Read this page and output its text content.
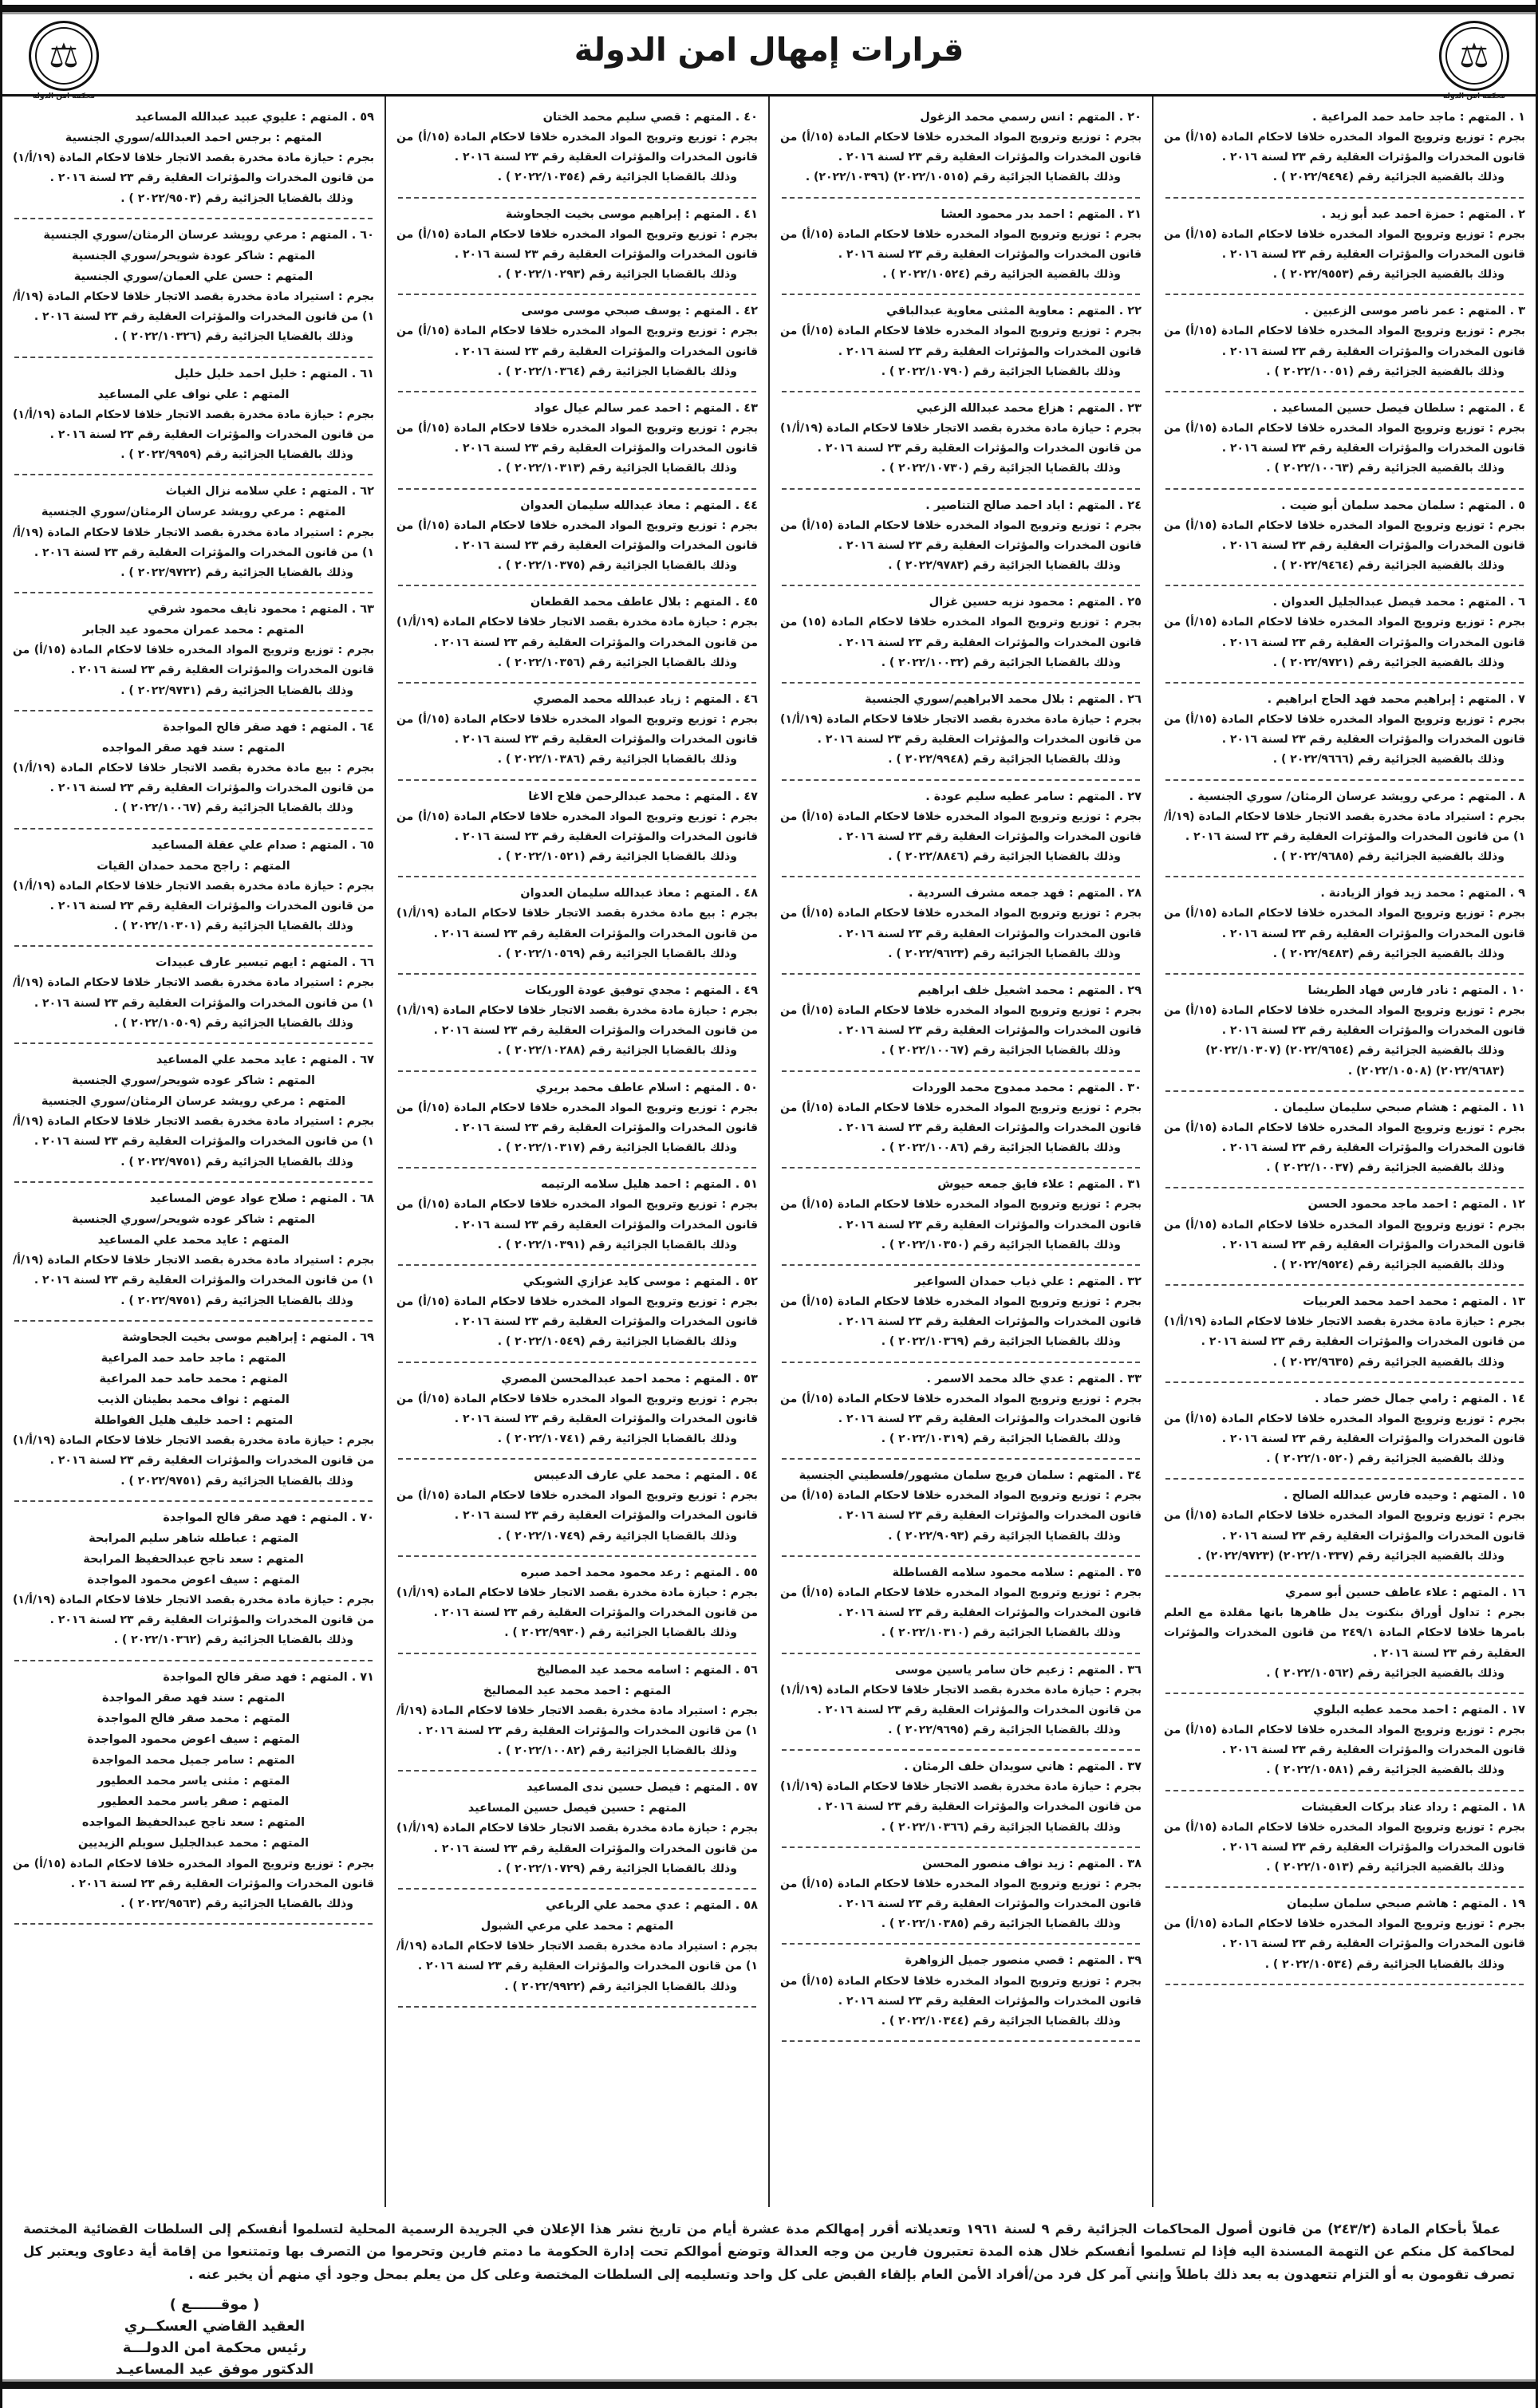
⚖
محكمة امن الدولة
قرارات إمهال امن الدولة
⚖
محكمة امن الدولة
١ . المتهم : ماجد حامد حمد المراعية .
بجرم : توزيع وترويج المواد المخدره خلافا لاحكام المادة (١٥/أ) من قانون المخدرات والمؤثرات العقلية رقم ٢٣ لسنة ٢٠١٦ .
وذلك بالقضية الجزائية رقم (٢٠٢٢/٩٤٩٤ ) .
٢ . المتهم : حمزة احمد عبد أبو زيد .
بجرم : توزيع وترويج المواد المخدره خلافا لاحكام المادة (١٥/أ) من قانون المخدرات والمؤثرات العقلية رقم ٢٣ لسنة ٢٠١٦ .
وذلك بالقضية الجزائية رقم (٢٠٢٢/٩٥٥٣ ) .
٣ . المتهم : عمر ناصر موسى الزعبين .
بجرم : توزيع وترويج المواد المخدره خلافا لاحكام المادة (١٥/أ) من قانون المخدرات والمؤثرات العقلية رقم ٢٣ لسنة ٢٠١٦ .
وذلك بالقضية الجزائية رقم (٢٠٢٢/١٠٠٥١ ) .
٤ . المتهم : سلطان فيصل حسين المساعيد .
بجرم : توزيع وترويج المواد المخدره خلافا لاحكام المادة (١٥/أ) من قانون المخدرات والمؤثرات العقلية رقم ٢٣ لسنة ٢٠١٦ .
وذلك بالقضية الجزائية رقم (٢٠٢٢/١٠٠٦٣ ) .
٥ . المتهم : سلمان محمد سلمان أبو ضيت .
بجرم : توزيع وترويج المواد المخدره خلافا لاحكام المادة (١٥/أ) من قانون المخدرات والمؤثرات العقلية رقم ٢٣ لسنة ٢٠١٦ .
وذلك بالقضية الجزائية رقم (٢٠٢٢/٩٤٦٤ ) .
٦ . المتهم : محمد فيصل عبدالجليل العدوان .
بجرم : توزيع وترويج المواد المخدره خلافا لاحكام المادة (١٥/أ) من قانون المخدرات والمؤثرات العقلية رقم ٢٣ لسنة ٢٠١٦ .
وذلك بالقضية الجزائية رقم (٢٠٢٢/٩٧٢١ ) .
٧ . المتهم : إبراهيم محمد فهد الحاج ابراهيم .
بجرم : توزيع وترويج المواد المخدره خلافا لاحكام المادة (١٥/أ) من قانون المخدرات والمؤثرات العقلية رقم ٢٣ لسنة ٢٠١٦ .
وذلك بالقضية الجزائية رقم (٢٠٢٢/٩٦٦٦ ) .
٨ . المتهم : مرعي رويشد عرسان الرمثان/ سوري الجنسية .
بجرم : استيراد مادة مخدرة بقصد الاتجار خلافا لاحكام المادة (١٩/أ/١) من قانون المخدرات والمؤثرات العقلية رقم ٢٣ لسنة ٢٠١٦ .
وذلك بالقضية الجزائية رقم (٢٠٢٢/٩٦٨٥ ) .
٩ . المتهم : محمد زيد فواز الزيادنة .
بجرم : توزيع وترويج المواد المخدره خلافا لاحكام المادة (١٥/أ) من قانون المخدرات والمؤثرات العقلية رقم ٢٣ لسنة ٢٠١٦ .
وذلك بالقضية الجزائية رقم (٢٠٢٢/٩٤٨٣ ) .
١٠ . المتهم : نادر فارس فهاد الطريشا
بجرم : توزيع وترويج المواد المخدره خلافا لاحكام المادة (١٥/أ) من قانون المخدرات والمؤثرات العقلية رقم ٢٣ لسنة ٢٠١٦ .
وذلك بالقضية الجزائية رقم (٢٠٢٢/٩٦٥٤) (٢٠٢٢/١٠٣٠٧) (٢٠٢٢/٩٦٨٣) (٢٠٢٢/١٠٥٠٨) .
١١ . المتهم : هشام صبحي سليمان سليمان .
بجرم : توزيع وترويج المواد المخدره خلافا لاحكام المادة (١٥/أ) من قانون المخدرات والمؤثرات العقلية رقم ٢٣ لسنة ٢٠١٦ .
وذلك بالقضية الجزائية رقم (٢٠٢٢/١٠٠٣٧ ) .
١٢ . المتهم : احمد ماجد محمود الحسن
بجرم : توزيع وترويج المواد المخدره خلافا لاحكام المادة (١٥/أ) من قانون المخدرات والمؤثرات العقلية رقم ٢٣ لسنة ٢٠١٦ .
وذلك بالقضية الجزائية رقم (٢٠٢٢/٩٥٢٤ ) .
١٣ . المتهم : محمد احمد محمد العربيات
بجرم : حيازة مادة مخدرة بقصد الاتجار خلافا لاحكام المادة (١٩/أ/١) من قانون المخدرات والمؤثرات العقلية رقم ٢٣ لسنة ٢٠١٦ .
وذلك بالقضية الجزائية رقم (٢٠٢٢/٩٦٣٥ ) .
١٤ . المتهم : رامي جمال خضر حماد .
بجرم : توزيع وترويج المواد المخدره خلافا لاحكام المادة (١٥/أ) من قانون المخدرات والمؤثرات العقلية رقم ٢٣ لسنة ٢٠١٦ .
وذلك بالقضية الجزائية رقم (٢٠٢٢/١٠٥٢٠ ) .
١٥ . المتهم : وحيده فارس عبدالله الصالح .
بجرم : توزيع وترويج المواد المخدره خلافا لاحكام المادة (١٥/أ) من قانون المخدرات والمؤثرات العقلية رقم ٢٣ لسنة ٢٠١٦ .
وذلك بالقضية الجزائية رقم (٢٠٢٢/١٠٣٣٧) (٢٠٢٢/٩٧٢٣) .
١٦ . المتهم : علاء عاطف حسين أبو سمري
بجرم : تداول أوراق بنكنوت يدل ظاهرها بانها مقلدة مع العلم بامرها خلافا لاحكام المادة ٢٤٩/١ من قانون المخدرات والمؤثرات العقلية رقم ٢٣ لسنة ٢٠١٦ .
وذلك بالقضية الجزائية رقم (٢٠٢٢/١٠٥٦٢ ) .
١٧ . المتهم : احمد محمد عطيه البلوي
بجرم : توزيع وترويج المواد المخدره خلافا لاحكام المادة (١٥/أ) من قانون المخدرات والمؤثرات العقلية رقم ٢٣ لسنة ٢٠١٦ .
وذلك بالقضية الجزائية رقم (٢٠٢٢/١٠٥٨١ ) .
١٨ . المتهم : رداد عناد بركات العقيشات
بجرم : توزيع وترويج المواد المخدره خلافا لاحكام المادة (١٥/أ) من قانون المخدرات والمؤثرات العقلية رقم ٢٣ لسنة ٢٠١٦ .
وذلك بالقضية الجزائية رقم (٢٠٢٢/١٠٥١٣ ) .
١٩ . المتهم : هاشم صبحي سلمان سليمان
بجرم : توزيع وترويج المواد المخدره خلافا لاحكام المادة (١٥/أ) من قانون المخدرات والمؤثرات العقلية رقم ٢٣ لسنة ٢٠١٦ .
وذلك بالقضايا الجزائية رقم (٢٠٢٢/١٠٥٣٤ ) .
٢٠ . المتهم : انس رسمي محمد الزغول
بجرم : توزيع وترويج المواد المخدره خلافا لاحكام المادة (١٥/أ) من قانون المخدرات والمؤثرات العقلية رقم ٢٣ لسنة ٢٠١٦ .
وذلك بالقضايا الجزائية رقم (٢٠٢٢/١٠٥١٥) (٢٠٢٢/١٠٣٩٦) .
٢١ . المتهم : احمد بدر محمود العشا
بجرم : توزيع وترويج المواد المخدره خلافا لاحكام المادة (١٥/أ) من قانون المخدرات والمؤثرات العقلية رقم ٢٣ لسنة ٢٠١٦ .
وذلك بالقضية الجزائية رقم (٢٠٢٢/١٠٥٢٤ ) .
٢٢ . المتهم : معاوية المثنى معاوية عبدالباقي
بجرم : توزيع وترويج المواد المخدره خلافا لاحكام المادة (١٥/أ) من قانون المخدرات والمؤثرات العقلية رقم ٢٣ لسنة ٢٠١٦ .
وذلك بالقضايا الجزائية رقم (٢٠٢٢/١٠٧٩٠ ) .
٢٣ . المتهم : هزاع محمد عبدالله الزعبي
بجرم : حيازة مادة مخدرة بقصد الاتجار خلافا لاحكام المادة (١٩/أ/١) من قانون المخدرات والمؤثرات العقلية رقم ٢٣ لسنة ٢٠١٦ .
وذلك بالقضايا الجزائية رقم (٢٠٢٢/١٠٧٣٠ ) .
٢٤ . المتهم : اياد احمد صالح التناصير .
بجرم : توزيع وترويج المواد المخدره خلافا لاحكام المادة (١٥/أ) من قانون المخدرات والمؤثرات العقلية رقم ٢٣ لسنة ٢٠١٦ .
وذلك بالقضايا الجزائية رقم (٢٠٢٢/٩٧٨٣ ) .
٢٥ . المتهم : محمود نزيه حسين غزال
بجرم : توزيع وترويج المواد المخدره خلافا لاحكام المادة (١٥) من قانون المخدرات والمؤثرات العقلية رقم ٢٣ لسنة ٢٠١٦ .
وذلك بالقضايا الجزائية رقم (٢٠٢٢/١٠٠٣٢ ) .
٢٦ . المتهم : بلال محمد الابراهيم/سوري الجنسية
بجرم : حيازة مادة مخدرة بقصد الاتجار خلافا لاحكام المادة (١٩/أ/١) من قانون المخدرات والمؤثرات العقلية رقم ٢٣ لسنة ٢٠١٦ .
وذلك بالقضايا الجزائية رقم (٢٠٢٢/٩٩٤٨ ) .
٢٧ . المتهم : سامر عطيه سليم عودة .
بجرم : توزيع وترويج المواد المخدره خلافا لاحكام المادة (١٥/أ) من قانون المخدرات والمؤثرات العقلية رقم ٢٣ لسنة ٢٠١٦ .
وذلك بالقضايا الجزائية رقم (٢٠٢٢/٨٨٤٦ ) .
٢٨ . المتهم : فهد جمعه مشرف السردية .
بجرم : توزيع وترويج المواد المخدره خلافا لاحكام المادة (١٥/أ) من قانون المخدرات والمؤثرات العقلية رقم ٢٣ لسنة ٢٠١٦ .
وذلك بالقضايا الجزائية رقم (٢٠٢٢/٩٦٢٣ ) .
٢٩ . المتهم : محمد اشعيل خلف ابراهيم
بجرم : توزيع وترويج المواد المخدره خلافا لاحكام المادة (١٥/أ) من قانون المخدرات والمؤثرات العقلية رقم ٢٣ لسنة ٢٠١٦ .
وذلك بالقضايا الجزائية رقم (٢٠٢٢/١٠٠٦٧ ) .
٣٠ . المتهم : محمد ممدوح محمد الوردات
بجرم : توزيع وترويج المواد المخدره خلافا لاحكام المادة (١٥/أ) من قانون المخدرات والمؤثرات العقلية رقم ٢٣ لسنة ٢٠١٦ .
وذلك بالقضايا الجزائية رقم (٢٠٢٢/١٠٠٨٦ ) .
٣١ . المتهم : علاء فايق جمعه حيوش
بجرم : توزيع وترويج المواد المخدره خلافا لاحكام المادة (١٥/أ) من قانون المخدرات والمؤثرات العقلية رقم ٢٣ لسنة ٢٠١٦ .
وذلك بالقضايا الجزائية رقم (٢٠٢٢/١٠٣٥٠ ) .
٣٢ . المتهم : علي ذياب حمدان السواعير
بجرم : توزيع وترويج المواد المخدره خلافا لاحكام المادة (١٥/أ) من قانون المخدرات والمؤثرات العقلية رقم ٢٣ لسنة ٢٠١٦ .
وذلك بالقضايا الجزائية رقم (٢٠٢٢/١٠٣٦٩ ) .
٣٣ . المتهم : عدي خالد محمد الاسمر .
بجرم : توزيع وترويج المواد المخدره خلافا لاحكام المادة (١٥/أ) من قانون المخدرات والمؤثرات العقلية رقم ٢٣ لسنة ٢٠١٦ .
وذلك بالقضايا الجزائية رقم (٢٠٢٢/١٠٣١٩ ) .
٣٤ . المتهم : سلمان فريج سلمان مشهور/فلسطيني الجنسية
بجرم : توزيع وترويج المواد المخدره خلافا لاحكام المادة (١٥/أ) من قانون المخدرات والمؤثرات العقلية رقم ٢٣ لسنة ٢٠١٦ .
وذلك بالقضايا الجزائية رقم (٢٠٢٢/٩٠٩٣ ) .
٣٥ . المتهم : سلامه محمود سلامه القساطلة
بجرم : توزيع وترويج المواد المخدره خلافا لاحكام المادة (١٥/أ) من قانون المخدرات والمؤثرات العقلية رقم ٢٣ لسنة ٢٠١٦ .
وذلك بالقضايا الجزائية رقم (٢٠٢٢/١٠٣١٠ ) .
٣٦ . المتهم : زعيم خان سامر ياسين موسى
بجرم : حيازة مادة مخدرة بقصد الاتجار خلافا لاحكام المادة (١٩/أ/١) من قانون المخدرات والمؤثرات العقلية رقم ٢٣ لسنة ٢٠١٦ .
وذلك بالقضايا الجزائية رقم (٢٠٢٢/٩٦٩٥ ) .
٣٧ . المتهم : هاني سويدان خلف الرمثان .
بجرم : حيازة مادة مخدرة بقصد الاتجار خلافا لاحكام المادة (١٩/أ/١) من قانون المخدرات والمؤثرات العقلية رقم ٢٣ لسنة ٢٠١٦ .
وذلك بالقضايا الجزائية رقم (٢٠٢٢/١٠٣٦٦ ) .
٣٨ . المتهم : زيد نواف منصور المحسن
بجرم : توزيع وترويج المواد المخدره خلافا لاحكام المادة (١٥/أ) من قانون المخدرات والمؤثرات العقلية رقم ٢٣ لسنة ٢٠١٦ .
وذلك بالقضايا الجزائية رقم (٢٠٢٢/١٠٣٨٥ ) .
٣٩ . المتهم : قصي منصور جميل الزواهرة
بجرم : توزيع وترويج المواد المخدره خلافا لاحكام المادة (١٥/أ) من قانون المخدرات والمؤثرات العقلية رقم ٢٣ لسنة ٢٠١٦ .
وذلك بالقضايا الجزائية رقم (٢٠٢٢/١٠٣٤٤ ) .
٤٠ . المتهم : قصي سليم محمد الختان
بجرم : توزيع وترويج المواد المخدره خلافا لاحكام المادة (١٥/أ) من قانون المخدرات والمؤثرات العقلية رقم ٢٣ لسنة ٢٠١٦ .
وذلك بالقضايا الجزائية رقم (٢٠٢٢/١٠٣٥٤ ) .
٤١ . المتهم : إبراهيم موسى بخيت الجحاوشة
بجرم : توزيع وترويج المواد المخدره خلافا لاحكام المادة (١٥/أ) من قانون المخدرات والمؤثرات العقلية رقم ٢٣ لسنة ٢٠١٦ .
وذلك بالقضايا الجزائية رقم (٢٠٢٢/١٠٢٩٣ ) .
٤٢ . المتهم : يوسف صبحي موسى موسى
بجرم : توزيع وترويج المواد المخدره خلافا لاحكام المادة (١٥/أ) من قانون المخدرات والمؤثرات العقلية رقم ٢٣ لسنة ٢٠١٦ .
وذلك بالقضايا الجزائية رقم (٢٠٢٢/١٠٣٦٤ ) .
٤٣ . المتهم : احمد عمر سالم عيال عواد
بجرم : توزيع وترويج المواد المخدره خلافا لاحكام المادة (١٥/أ) من قانون المخدرات والمؤثرات العقلية رقم ٢٣ لسنة ٢٠١٦ .
وذلك بالقضايا الجزائية رقم (٢٠٢٢/١٠٣١٣ ) .
٤٤ . المتهم : معاذ عبدالله سليمان العدوان
بجرم : توزيع وترويج المواد المخدره خلافا لاحكام المادة (١٥/أ) من قانون المخدرات والمؤثرات العقلية رقم ٢٣ لسنة ٢٠١٦ .
وذلك بالقضايا الجزائية رقم (٢٠٢٢/١٠٣٧٥ ) .
٤٥ . المتهم : بلال عاطف محمد القطعان
بجرم : حيازة مادة مخدرة بقصد الاتجار خلافا لاحكام المادة (١٩/أ/١) من قانون المخدرات والمؤثرات العقلية رقم ٢٣ لسنة ٢٠١٦ .
وذلك بالقضايا الجزائية رقم (٢٠٢٢/١٠٣٥٦ ) .
٤٦ . المتهم : زياد عبدالله محمد المصري
بجرم : توزيع وترويج المواد المخدره خلافا لاحكام المادة (١٥/أ) من قانون المخدرات والمؤثرات العقلية رقم ٢٣ لسنة ٢٠١٦ .
وذلك بالقضايا الجزائية رقم (٢٠٢٢/١٠٣٨٦ ) .
٤٧ . المتهم : محمد عبدالرحمن فلاح الاغا
بجرم : توزيع وترويج المواد المخدره خلافا لاحكام المادة (١٥/أ) من قانون المخدرات والمؤثرات العقلية رقم ٢٣ لسنة ٢٠١٦ .
وذلك بالقضايا الجزائية رقم (٢٠٢٢/١٠٥٢١ ) .
٤٨ . المتهم : معاذ عبدالله سليمان العدوان
بجرم : بيع مادة مخدرة بقصد الاتجار خلافا لاحكام المادة (١٩/أ/١) من قانون المخدرات والمؤثرات العقلية رقم ٢٣ لسنة ٢٠١٦ .
وذلك بالقضايا الجزائية رقم (٢٠٢٢/١٠٥٦٩ ) .
٤٩ . المتهم : مجدي توفيق عودة الوريكات
بجرم : حيازة مادة مخدرة بقصد الاتجار خلافا لاحكام المادة (١٩/أ/١) من قانون المخدرات والمؤثرات العقلية رقم ٢٣ لسنة ٢٠١٦ .
وذلك بالقضايا الجزائية رقم (٢٠٢٢/١٠٢٨٨ ) .
٥٠ . المتهم : اسلام عاطف محمد بريري
بجرم : توزيع وترويج المواد المخدره خلافا لاحكام المادة (١٥/أ) من قانون المخدرات والمؤثرات العقلية رقم ٢٣ لسنة ٢٠١٦ .
وذلك بالقضايا الجزائية رقم (٢٠٢٢/١٠٣١٧ ) .
٥١ . المتهم : احمد هليل سلامه الرتيمه
بجرم : توزيع وترويج المواد المخدره خلافا لاحكام المادة (١٥/أ) من قانون المخدرات والمؤثرات العقلية رقم ٢٣ لسنة ٢٠١٦ .
وذلك بالقضايا الجزائية رقم (٢٠٢٢/١٠٣٩١ ) .
٥٢ . المتهم : موسى كايد عزازي الشوبكي
بجرم : توزيع وترويج المواد المخدره خلافا لاحكام المادة (١٥/أ) من قانون المخدرات والمؤثرات العقلية رقم ٢٣ لسنة ٢٠١٦ .
وذلك بالقضايا الجزائية رقم (٢٠٢٢/١٠٥٤٩ ) .
٥٣ . المتهم : محمد احمد عبدالمحسن المصري
بجرم : توزيع وترويج المواد المخدره خلافا لاحكام المادة (١٥/أ) من قانون المخدرات والمؤثرات العقلية رقم ٢٣ لسنة ٢٠١٦ .
وذلك بالقضايا الجزائية رقم (٢٠٢٢/١٠٧٤١ ) .
٥٤ . المتهم : محمد علي عارف الدعيبس
بجرم : توزيع وترويج المواد المخدره خلافا لاحكام المادة (١٥/أ) من قانون المخدرات والمؤثرات العقلية رقم ٢٣ لسنة ٢٠١٦ .
وذلك بالقضايا الجزائية رقم (٢٠٢٢/١٠٧٤٩ ) .
٥٥ . المتهم : رعد محمود محمد احمد صبره
بجرم : حيازة مادة مخدرة بقصد الاتجار خلافا لاحكام المادة (١٩/أ/١) من قانون المخدرات والمؤثرات العقلية رقم ٢٣ لسنة ٢٠١٦ .
وذلك بالقضايا الجزائية رقم (٢٠٢٢/٩٩٣٠ ) .
٥٦ . المتهم : اسامه محمد عيد المصاليخ
المتهم : احمد محمد عيد المصاليخ
بجرم : استيراد مادة مخدرة بقصد الاتجار خلافا لاحكام المادة (١٩/أ/١) من قانون المخدرات والمؤثرات العقلية رقم ٢٣ لسنة ٢٠١٦ .
وذلك بالقضايا الجزائية رقم (٢٠٢٢/١٠٠٨٢ ) .
٥٧ . المتهم : فيصل حسين ندى المساعيد
المتهم : حسين فيصل حسين المساعيد
بجرم : حيازة مادة مخدرة بقصد الاتجار خلافا لاحكام المادة (١٩/أ/١) من قانون المخدرات والمؤثرات العقلية رقم ٢٣ لسنة ٢٠١٦ .
وذلك بالقضايا الجزائية رقم (٢٠٢٢/١٠٧٢٩ ) .
٥٨ . المتهم : عدي محمد علي الرباعي
المتهم : محمد علي مرعي الشبول
بجرم : استيراد مادة مخدرة بقصد الاتجار خلافا لاحكام المادة (١٩/أ/١) من قانون المخدرات والمؤثرات العقلية رقم ٢٣ لسنة ٢٠١٦ .
وذلك بالقضايا الجزائية رقم (٢٠٢٢/٩٩٢٢ ) .
٥٩ . المتهم : عليوي عبيد عبدالله المساعيد
المتهم : برجس احمد العبدالله/سوري الجنسية
بجرم : حيازة مادة مخدرة بقصد الاتجار خلافا لاحكام المادة (١٩/أ/١) من قانون المخدرات والمؤثرات العقلية رقم ٢٣ لسنة ٢٠١٦ .
وذلك بالقضايا الجزائية رقم (٢٠٢٢/٩٥٠٣ ) .
٦٠ . المتهم : مرعي رويشد عرسان الرمثان/سوري الجنسية
المتهم : شاكر عودة شويحر/سوري الجنسية
المتهم : حسن علي العمان/سوري الجنسية
بجرم : استيراد مادة مخدرة بقصد الاتجار خلافا لاحكام المادة (١٩/أ/١) من قانون المخدرات والمؤثرات العقلية رقم ٢٣ لسنة ٢٠١٦ .
وذلك بالقضايا الجزائية رقم (٢٠٢٢/١٠٣٢٦ ) .
٦١ . المتهم : خليل احمد خليل خليل
المتهم : علي نواف علي المساعيد
بجرم : حيازة مادة مخدرة بقصد الاتجار خلافا لاحكام المادة (١٩/أ/١) من قانون المخدرات والمؤثرات العقلية رقم ٢٣ لسنة ٢٠١٦ .
وذلك بالقضايا الجزائية رقم (٢٠٢٢/٩٩٥٩ ) .
٦٢ . المتهم : علي سلامه نزال الغياث
المتهم : مرعي رويشد عرسان الرمثان/سوري الجنسية
بجرم : استيراد مادة مخدرة بقصد الاتجار خلافا لاحكام المادة (١٩/أ/١) من قانون المخدرات والمؤثرات العقلية رقم ٢٣ لسنة ٢٠١٦ .
وذلك بالقضايا الجزائية رقم (٢٠٢٢/٩٧٢٢ ) .
٦٣ . المتهم : محمود نايف محمود شرقي
المتهم : محمد عمران محمود عيد الجابر
بجرم : توزيع وترويج المواد المخدره خلافا لاحكام المادة (١٥/أ) من قانون المخدرات والمؤثرات العقلية رقم ٢٣ لسنة ٢٠١٦ .
وذلك بالقضايا الجزائية رقم (٢٠٢٢/٩٧٣١ ) .
٦٤ . المتهم : فهد صقر فالح المواجدة
المتهم : سند فهد صقر المواجده
بجرم : بيع مادة مخدرة بقصد الاتجار خلافا لاحكام المادة (١٩/أ/١) من قانون المخدرات والمؤثرات العقلية رقم ٢٣ لسنة ٢٠١٦ .
وذلك بالقضايا الجزائية رقم (٢٠٢٢/١٠٠٦٧ ) .
٦٥ . المتهم : صدام علي عقلة المساعيد
المتهم : راجح محمد حمدان القيات
بجرم : حيازة مادة مخدرة بقصد الاتجار خلافا لاحكام المادة (١٩/أ/١) من قانون المخدرات والمؤثرات العقلية رقم ٢٣ لسنة ٢٠١٦ .
وذلك بالقضايا الجزائية رقم (٢٠٢٢/١٠٣٠١ ) .
٦٦ . المتهم : ايهم تيسير عارف عبيدات
بجرم : استيراد مادة مخدرة بقصد الاتجار خلافا لاحكام المادة (١٩/أ/١) من قانون المخدرات والمؤثرات العقلية رقم ٢٣ لسنة ٢٠١٦ .
وذلك بالقضايا الجزائية رقم (٢٠٢٢/١٠٥٠٩ ) .
٦٧ . المتهم : عايد محمد علي المساعيد
المتهم : شاكر عوده شويحر/سوري الجنسية
المتهم : مرعي رويشد عرسان الرمثان/سوري الجنسية
بجرم : استيراد مادة مخدرة بقصد الاتجار خلافا لاحكام المادة (١٩/أ/١) من قانون المخدرات والمؤثرات العقلية رقم ٢٣ لسنة ٢٠١٦ .
وذلك بالقضايا الجزائية رقم (٢٠٢٢/٩٧٥١ ) .
٦٨ . المتهم : صلاح عواد عوض المساعيد
المتهم : شاكر عوده شويحر/سوري الجنسية
المتهم : عايد محمد علي المساعيد
بجرم : استيراد مادة مخدرة بقصد الاتجار خلافا لاحكام المادة (١٩/أ/١) من قانون المخدرات والمؤثرات العقلية رقم ٢٣ لسنة ٢٠١٦ .
وذلك بالقضايا الجزائية رقم (٢٠٢٢/٩٧٥١ ) .
٦٩ . المتهم : إبراهيم موسى بخيت الجحاوشة
المتهم : ماجد حامد حمد المراعية
المتهم : محمد حامد حمد المراعية
المتهم : نواف محمد بطينان الذيب
المتهم : احمد خليف هليل الفواطلة
بجرم : حيازة مادة مخدرة بقصد الاتجار خلافا لاحكام المادة (١٩/أ/١) من قانون المخدرات والمؤثرات العقلية رقم ٢٣ لسنة ٢٠١٦ .
وذلك بالقضايا الجزائية رقم (٢٠٢٢/٩٧٥١ ) .
٧٠ . المتهم : فهد صقر فالح المواجدة
المتهم : عباطله شاهر سليم المرابحة
المتهم : سعد ناجح عبدالحفيظ المرابحة
المتهم : سيف اعوض محمود المواجدة
بجرم : حيازة مادة مخدرة بقصد الاتجار خلافا لاحكام المادة (١٩/أ/١) من قانون المخدرات والمؤثرات العقلية رقم ٢٣ لسنة ٢٠١٦ .
وذلك بالقضايا الجزائية رقم (٢٠٢٢/١٠٣٦٢ ) .
٧١ . المتهم : فهد صقر فالح المواجدة
المتهم : سند فهد صقر المواجدة
المتهم : محمد صقر فالح المواجدة
المتهم : سيف اعوض محمود المواجدة
المتهم : سامر جميل محمد المواجدة
المتهم : مثنى ياسر محمد العطيور
المتهم : صقر ياسر محمد العطيور
المتهم : سعد ناجح عبدالحفيظ المواجده
المتهم : محمد عبدالجليل سويلم الزيديين
بجرم : توزيع وترويج المواد المخدره خلافا لاحكام المادة (١٥/أ) من قانون المخدرات والمؤثرات العقلية رقم ٢٣ لسنة ٢٠١٦ .
وذلك بالقضايا الجزائية رقم (٢٠٢٢/٩٥٦٣ ) .

عملاً بأحكام المادة (٢٤٣/٢) من قانون أصول المحاكمات الجزائية رقم ٩ لسنة ١٩٦١ وتعديلاته أقرر إمهالكم مدة عشرة أيام من تاريخ نشر هذا الإعلان في الجريدة الرسمية المحلية لتسلموا أنفسكم إلى السلطات القضائية المختصة لمحاكمة كل منكم عن التهمة المسندة اليه فإذا لم تسلموا أنفسكم خلال هذه المدة تعتبرون فارين من وجه العدالة وتوضع أموالكم تحت إدارة الحكومة ما دمتم فارين وتحرموا من التصرف بها وتمتنعوا من إقامة أية دعاوى ويعتبر كل تصرف تقومون به أو التزام تتعهدون به بعد ذلك باطلاً وإنني آمر كل فرد من/أفراد الأمن العام بإلقاء القبض على كل واحد وتسليمه إلى السلطات المختصة وعلى كل من يعلم بمحل وجود أي منهم أن يخبر عنه .

( موقــــــع )
العقيد القاضي العسكــري
رئيس محكمة امن الدولـــة
الدكتور موفق عيد المساعيـد
